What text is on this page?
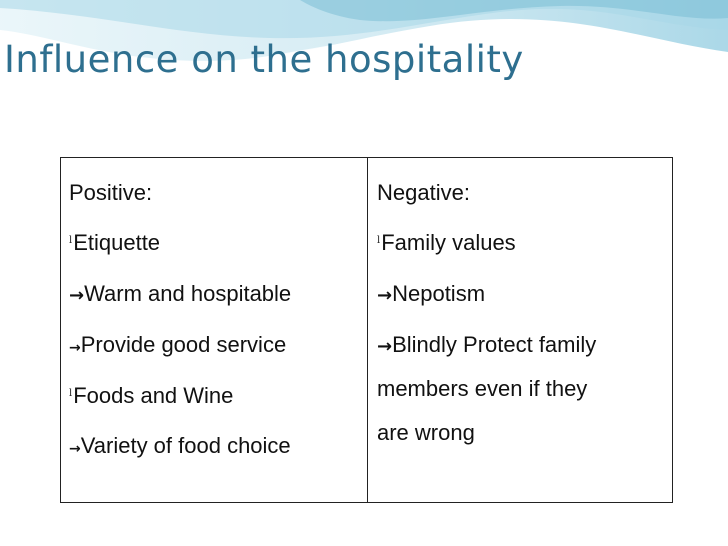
Influence on the hospitality
Positive:
$^l$Etiquette
→Warm and hospitable
→Provide good service
$^l$Foods and Wine
→Variety of food choice
Negative:
$^l$Family values
→Nepotism
→Blindly Protect family
members even if they
are wrong
